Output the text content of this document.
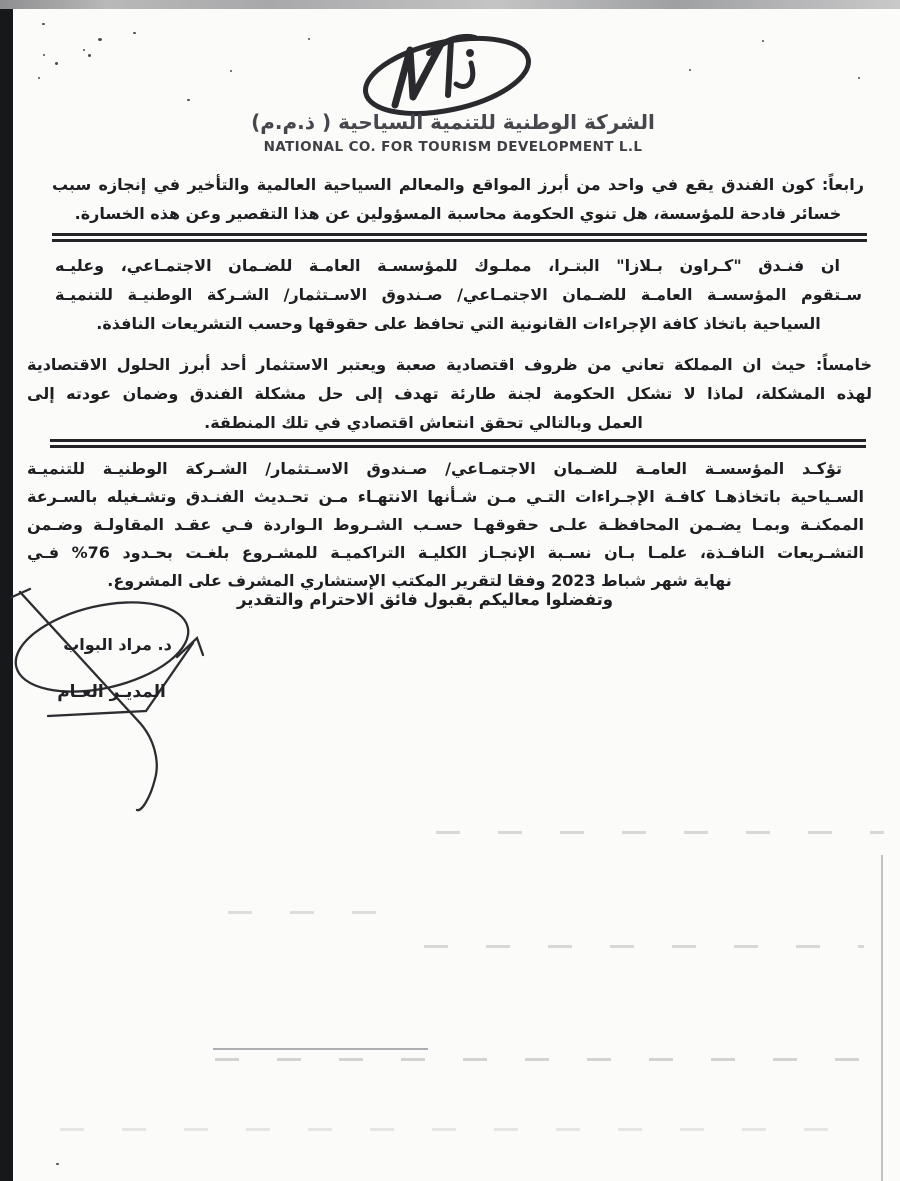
الشركة الوطنية للتنمية السياحية ( ذ.م.م)
NATIONAL CO. FOR TOURISM DEVELOPMENT L.L
رابعاً: كون الفندق يقع في واحد من أبرز المواقع والمعالم السياحية العالمية والتأخير في إنجازه سبب
خسائر فادحة للمؤسسة، هل تنوي الحكومة محاسبة المسؤولين عن هذا التقصير وعن هذه الخسارة.
ان فنـدق "كـراون بـلازا" البتـرا، مملـوك للمؤسسـة العامـة للضـمان الاجتمـاعي، وعليـه
سـتقوم المؤسسـة العامـة للضـمان الاجتمـاعي/ صـندوق الاسـتثمار/ الشـركة الوطنيـة للتنميـة
السياحية باتخاذ كافة الإجراءات القانونية التي تحافظ على حقوقها وحسب التشريعات النافذة.
خامساً: حيث ان المملكة تعاني من ظروف اقتصادية صعبة ويعتبر الاستثمار أحد أبرز الحلول الاقتصادية
لهذه المشكلة، لماذا لا تشكل الحكومة لجنة طارئة تهدف إلى حل مشكلة الفندق وضمان عودته إلى
العمل وبالتالي تحقق انتعاش اقتصادي في تلك المنطقة.
تؤكـد المؤسسـة العامـة للضـمان الاجتمـاعي/ صـندوق الاسـتثمار/ الشـركة الوطنيـة للتنميـة
السـياحية باتخاذهـا كافـة الإجـراءات التـي مـن شـأنها الانتهـاء مـن تحـديث الفنـدق وتشـغيله بالسـرعة
الممكنـة وبمـا يضـمن المحافظـة علـى حقوقهـا حسـب الشـروط الـواردة فـي عقـد المقاولـة وضـمن
التشـريعات النافـذة، علمـا بـان نسـبة الإنجـاز الكليـة التراكميـة للمشـروع بلغـت بحـدود 76% فـي
نهاية شهر شباط 2023 وفقا لتقرير المكتب الإستشاري المشرف على المشروع.
وتفضلوا معاليكم بقبول فائق الاحترام والتقدير
د. مراد البواب
المديـر العـام
